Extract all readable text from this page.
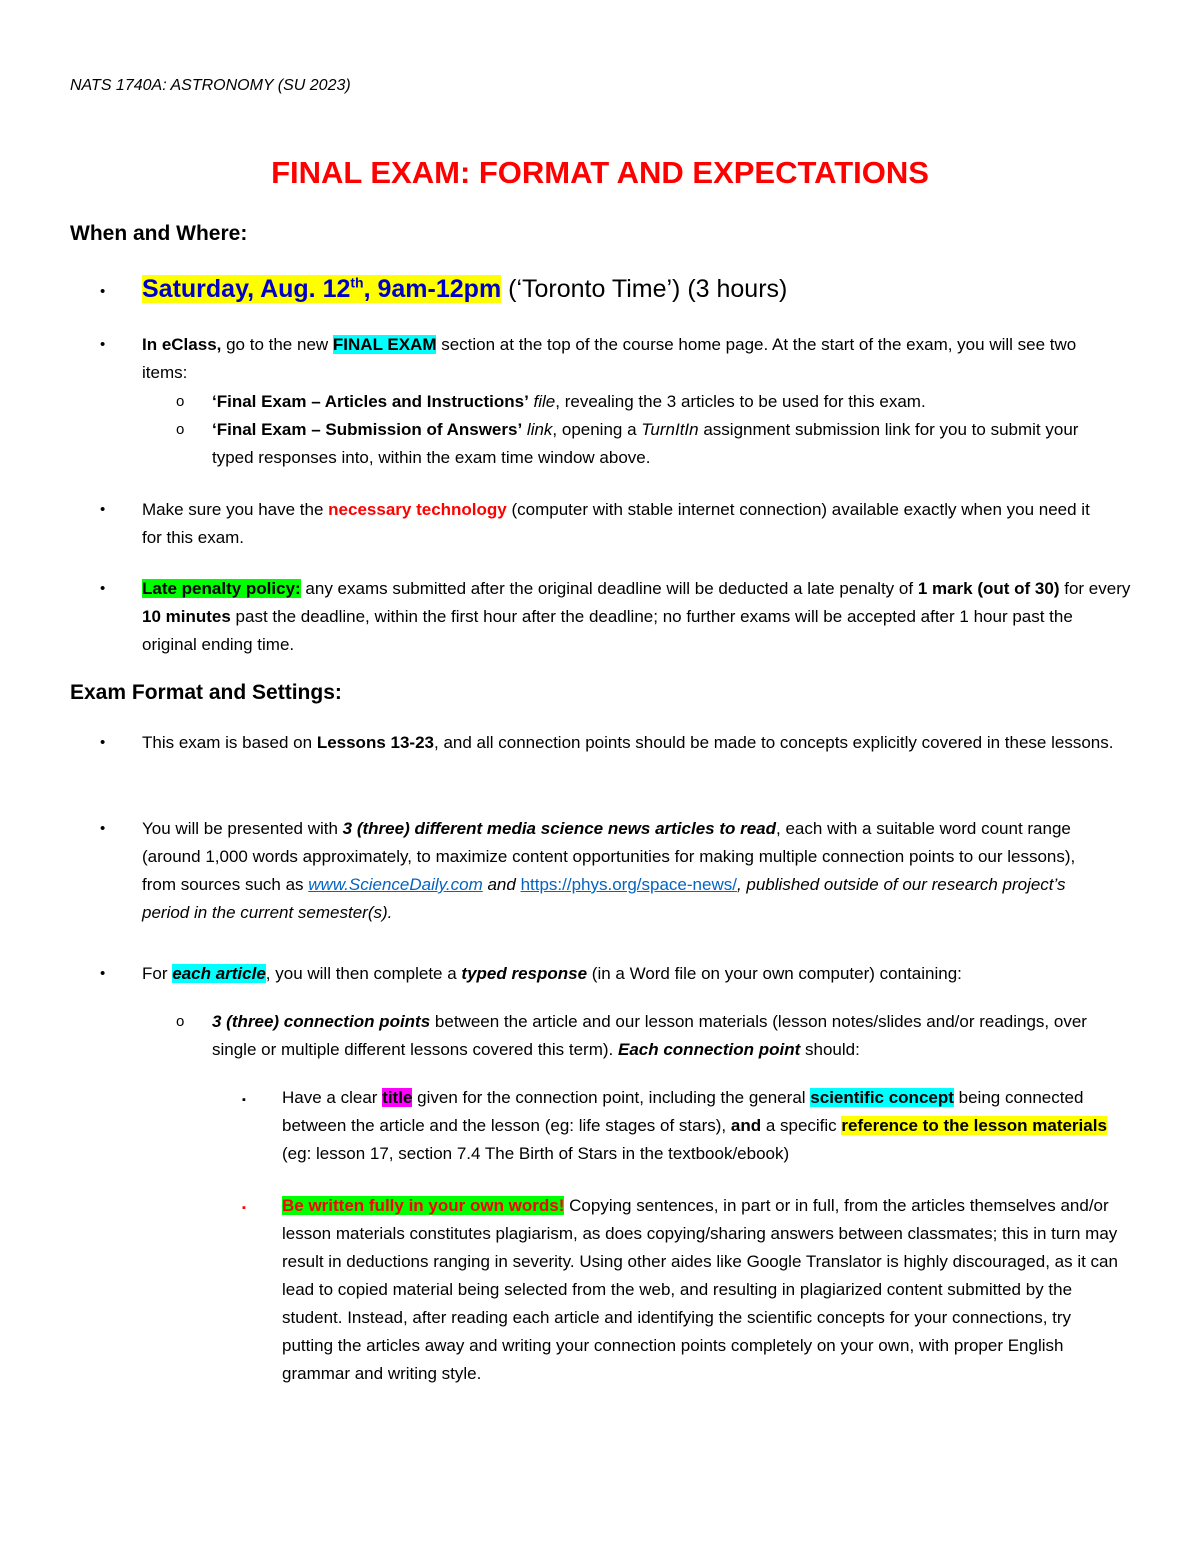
NATS 1740A: ASTRONOMY (SU 2023)
FINAL EXAM: FORMAT AND EXPECTATIONS
When and Where:
• Saturday, Aug. 12th, 9am-12pm (‘Toronto Time’) (3 hours)
• In eClass, go to the new FINAL EXAM section at the top of the course home page. At the start of the exam, you will see two items:
o ‘Final Exam – Articles and Instructions’ file, revealing the 3 articles to be used for this exam.
o ‘Final Exam – Submission of Answers’ link, opening a TurnItIn assignment submission link for you to submit your typed responses into, within the exam time window above.
• Make sure you have the necessary technology (computer with stable internet connection) available exactly when you need it for this exam.
• Late penalty policy: any exams submitted after the original deadline will be deducted a late penalty of 1 mark (out of 30) for every 10 minutes past the deadline, within the first hour after the deadline; no further exams will be accepted after 1 hour past the original ending time.
Exam Format and Settings:
• This exam is based on Lessons 13-23, and all connection points should be made to concepts explicitly covered in these lessons.
• You will be presented with 3 (three) different media science news articles to read, each with a suitable word count range (around 1,000 words approximately, to maximize content opportunities for making multiple connection points to our lessons), from sources such as www.ScienceDaily.com and https://phys.org/space-news/, published outside of our research project’s period in the current semester(s).
• For each article, you will then complete a typed response (in a Word file on your own computer) containing:
o 3 (three) connection points between the article and our lesson materials (lesson notes/slides and/or readings, over single or multiple different lessons covered this term). Each connection point should:
▪ Have a clear title given for the connection point, including the general scientific concept being connected between the article and the lesson (eg: life stages of stars), and a specific reference to the lesson materials (eg: lesson 17, section 7.4 The Birth of Stars in the textbook/ebook)
▪ Be written fully in your own words! Copying sentences, in part or in full, from the articles themselves and/or lesson materials constitutes plagiarism, as does copying/sharing answers between classmates; this in turn may result in deductions ranging in severity. Using other aides like Google Translator is highly discouraged, as it can lead to copied material being selected from the web, and resulting in plagiarized content submitted by the student. Instead, after reading each article and identifying the scientific concepts for your connections, try putting the articles away and writing your connection points completely on your own, with proper English grammar and writing style.
